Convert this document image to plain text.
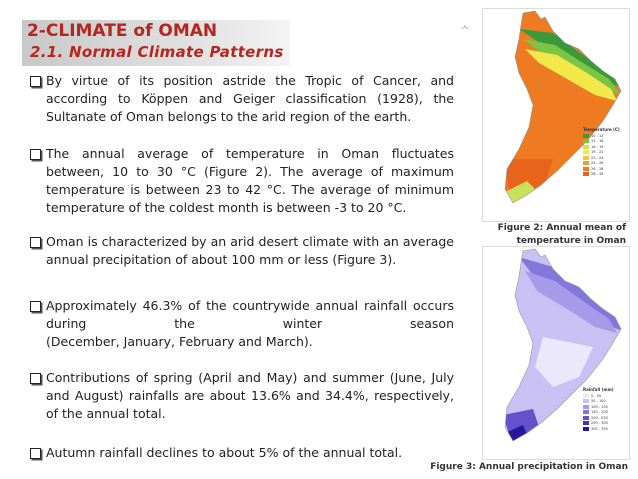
2-CLIMATE of OMAN
2.1. Normal Climate Patterns
ᆺ
By virtue of its position astride the Tropic of Cancer, and according to Köppen and Geiger classification (1928), the Sultanate of Oman belongs to the arid region of the earth.
The annual average of temperature in Oman fluctuates between, 10 to 30 °C (Figure 2). The average of maximum temperature is between 23 to 42 °C. The average of minimum temperature of the coldest month is between -3 to 20 °C.
Oman is characterized by an arid desert climate with an average annual precipitation of about 100 mm or less (Figure 3).
Approximately 46.3% of the countrywide annual rainfall occurs during the winter season
(December, January, February and March).
Contributions of spring (April and May) and summer (June, July and August) rainfalls are about 13.6% and 34.4%, respectively, of the annual total.
Autumn rainfall declines to about 5% of the annual total.
Temperature (C)
10 - 13
13 - 16
16 - 19
19 - 22
22 - 24
24 - 26
26 - 28
28 - 30
Figure 2: Annual mean of temperature in Oman
Rainfall (mm)
0 - 50
50 - 100
100 - 150
150 - 200
200 - 250
250 - 300
300 - 350
Figure 3: Annual precipitation in Oman
